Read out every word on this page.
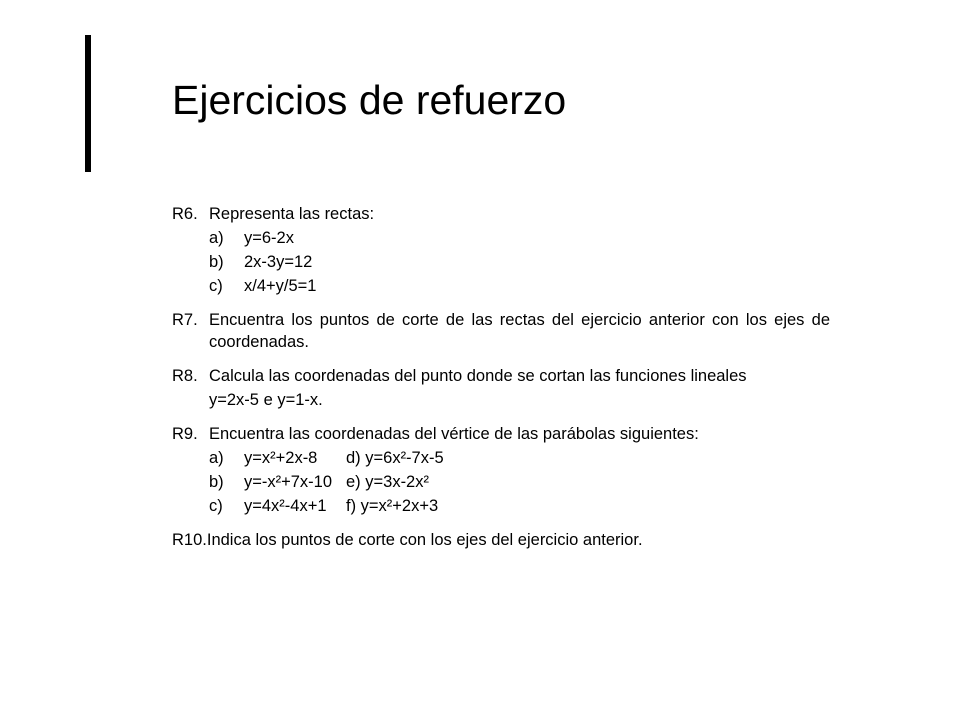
Ejercicios de refuerzo
R6. Representa las rectas:
a)	y=6-2x
b)	2x-3y=12
c)	x/4+y/5=1
R7. Encuentra los puntos de corte de las rectas del ejercicio anterior con los ejes de coordenadas.
R8. Calcula las coordenadas del punto donde se cortan las funciones lineales
y=2x-5 e y=1-x.
R9. Encuentra las coordenadas del vértice de las parábolas siguientes:
a)	y=x²+2x-8	d) y=6x²-7x-5
b)	y=-x²+7x-10 e) y=3x-2x²
c)	y=4x²-4x+1	f) y=x²+2x+3
R10. Indica los puntos de corte con los ejes del ejercicio anterior.
